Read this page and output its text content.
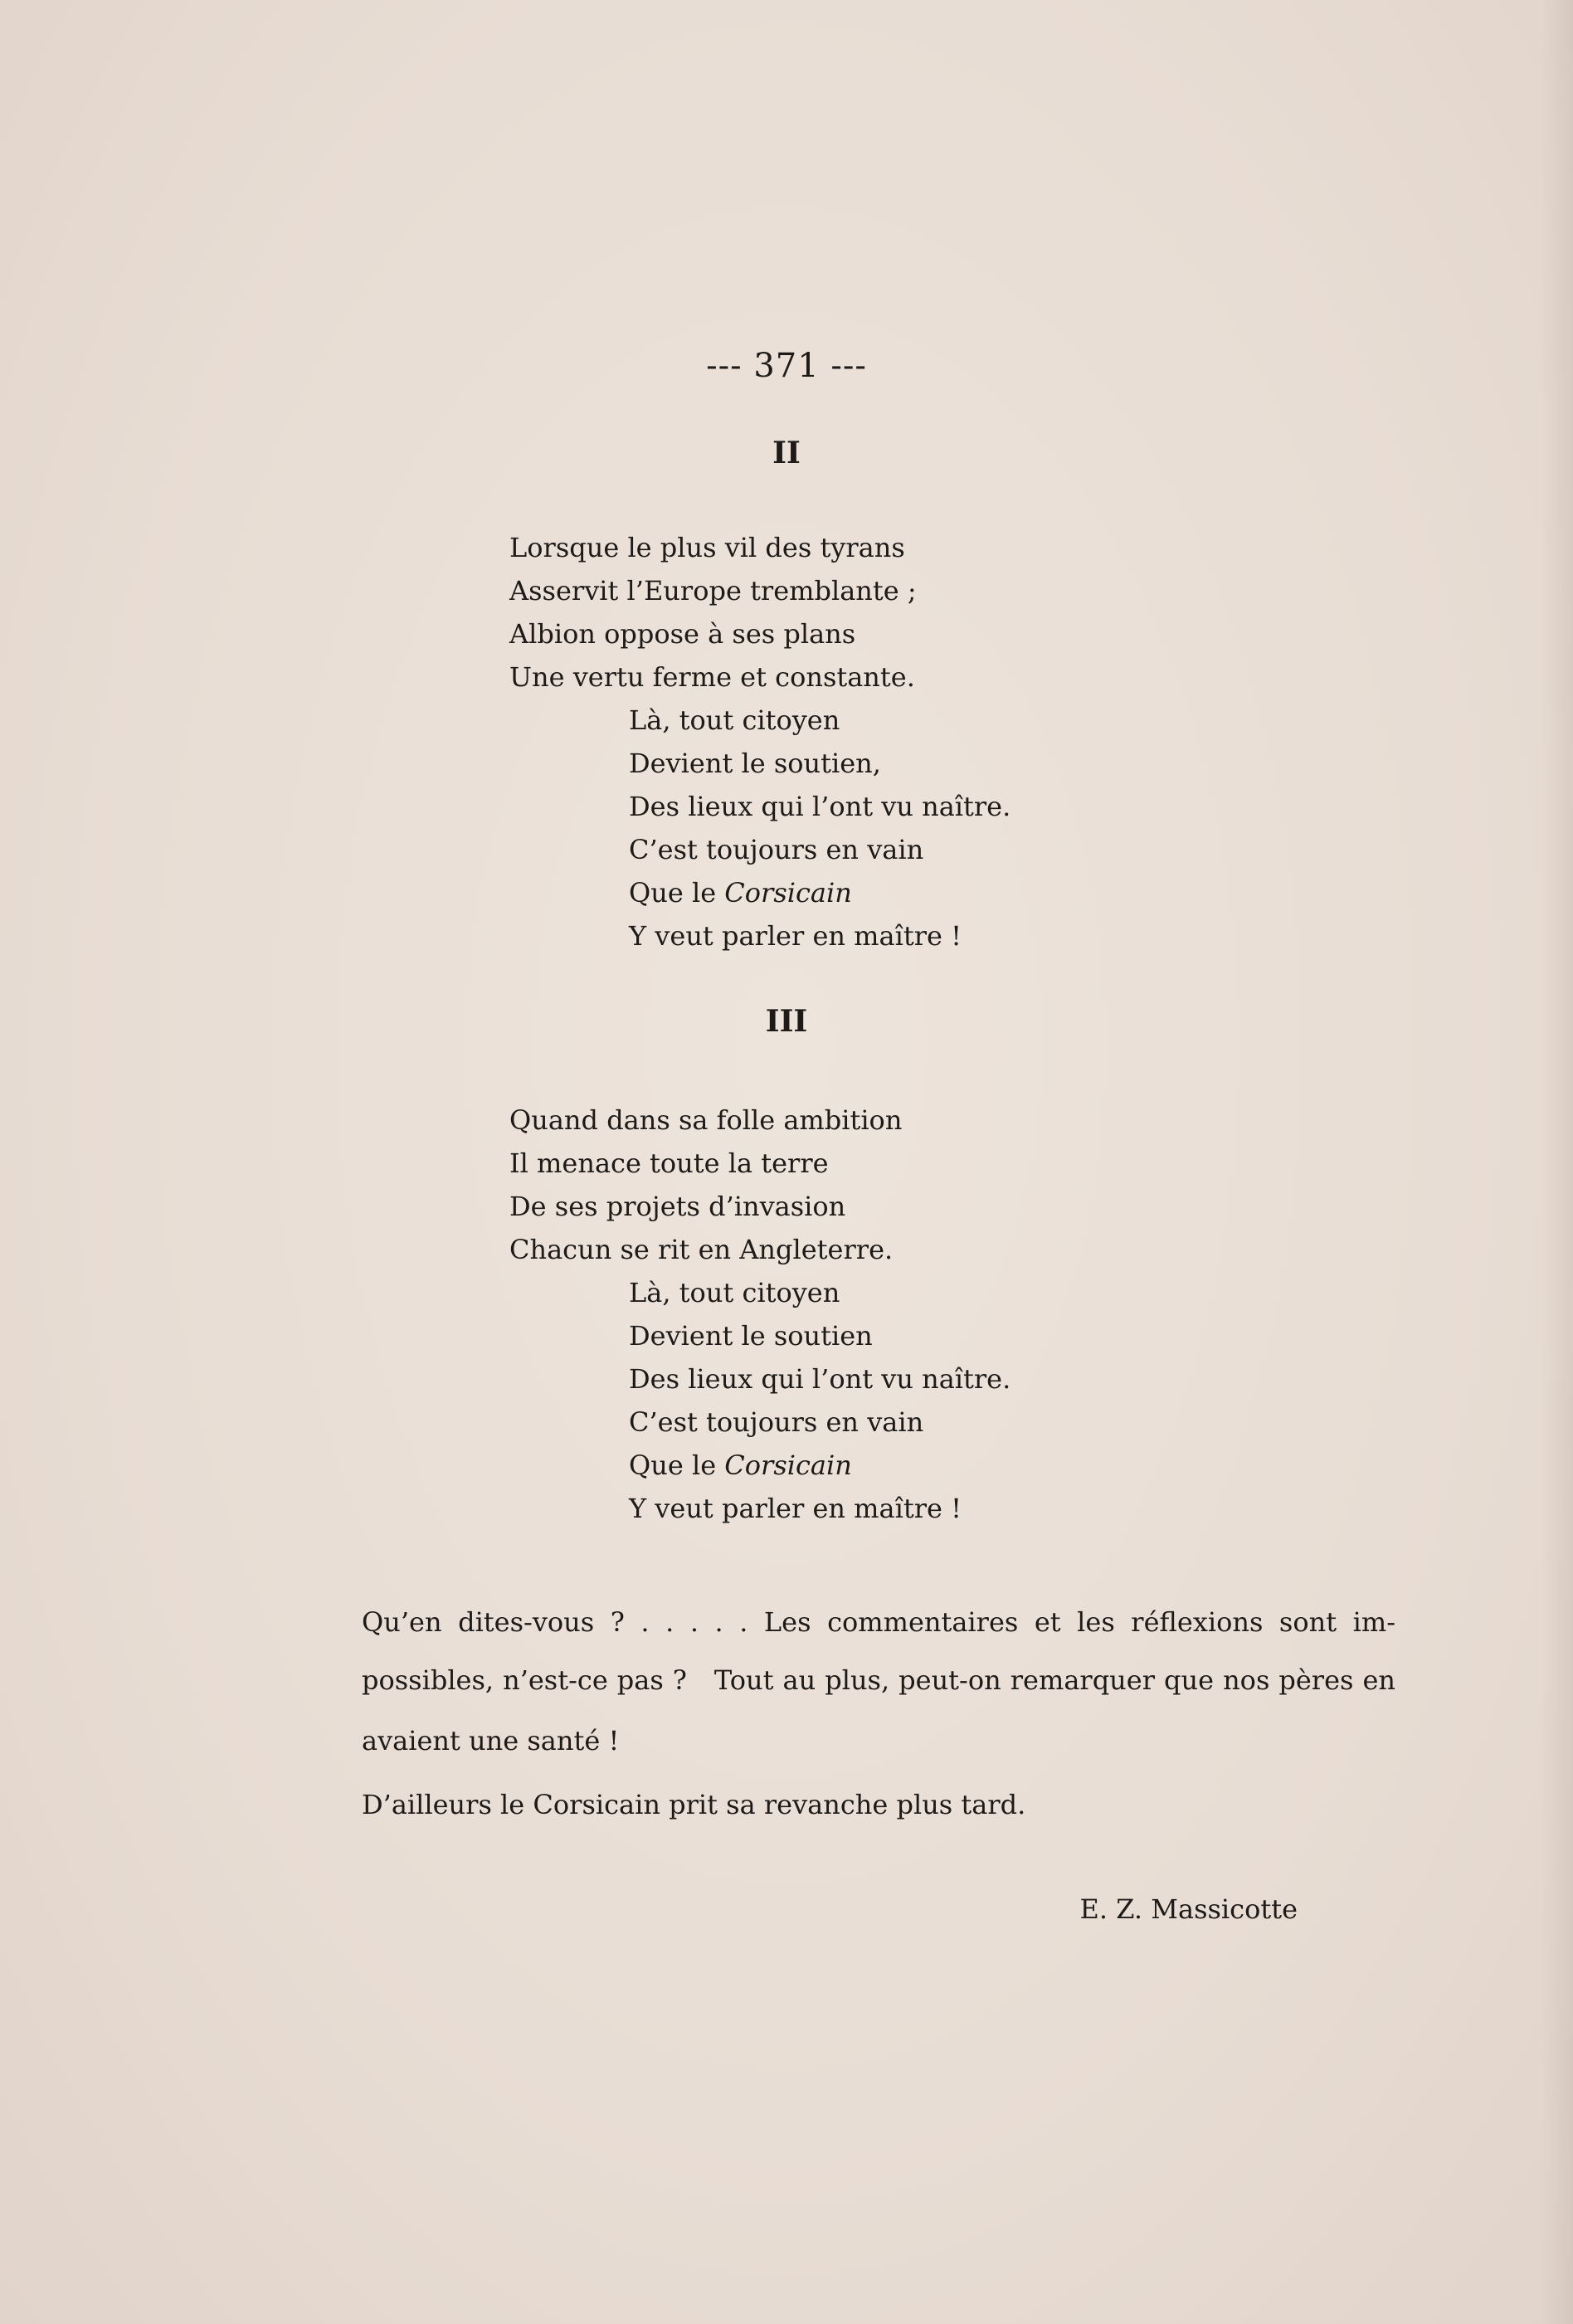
--- 371 ---
II
Lorsque le plus vil des tyrans
Asservit l’Europe tremblante ;
Albion oppose à ses plans
Une vertu ferme et constante.
Là, tout citoyen
Devient le soutien,
Des lieux qui l’ont vu naître.
C’est toujours en vain
Que le Corsicain
Y veut parler en maître !
III
Quand dans sa folle ambition
Il menace toute la terre
De ses projets d’invasion
Chacun se rit en Angleterre.
Là, tout citoyen
Devient le soutien
Des lieux qui l’ont vu naître.
C’est toujours en vain
Que le Corsicain
Y veut parler en maître !
Qu’en dites-vous ? . . . . . Les commentaires et les réflexions sont im-
possibles, n’est-ce pas ?   Tout au plus, peut-on remarquer que nos pères en
avaient une santé !
D’ailleurs le Corsicain prit sa revanche plus tard.
E. Z. Massicotte
